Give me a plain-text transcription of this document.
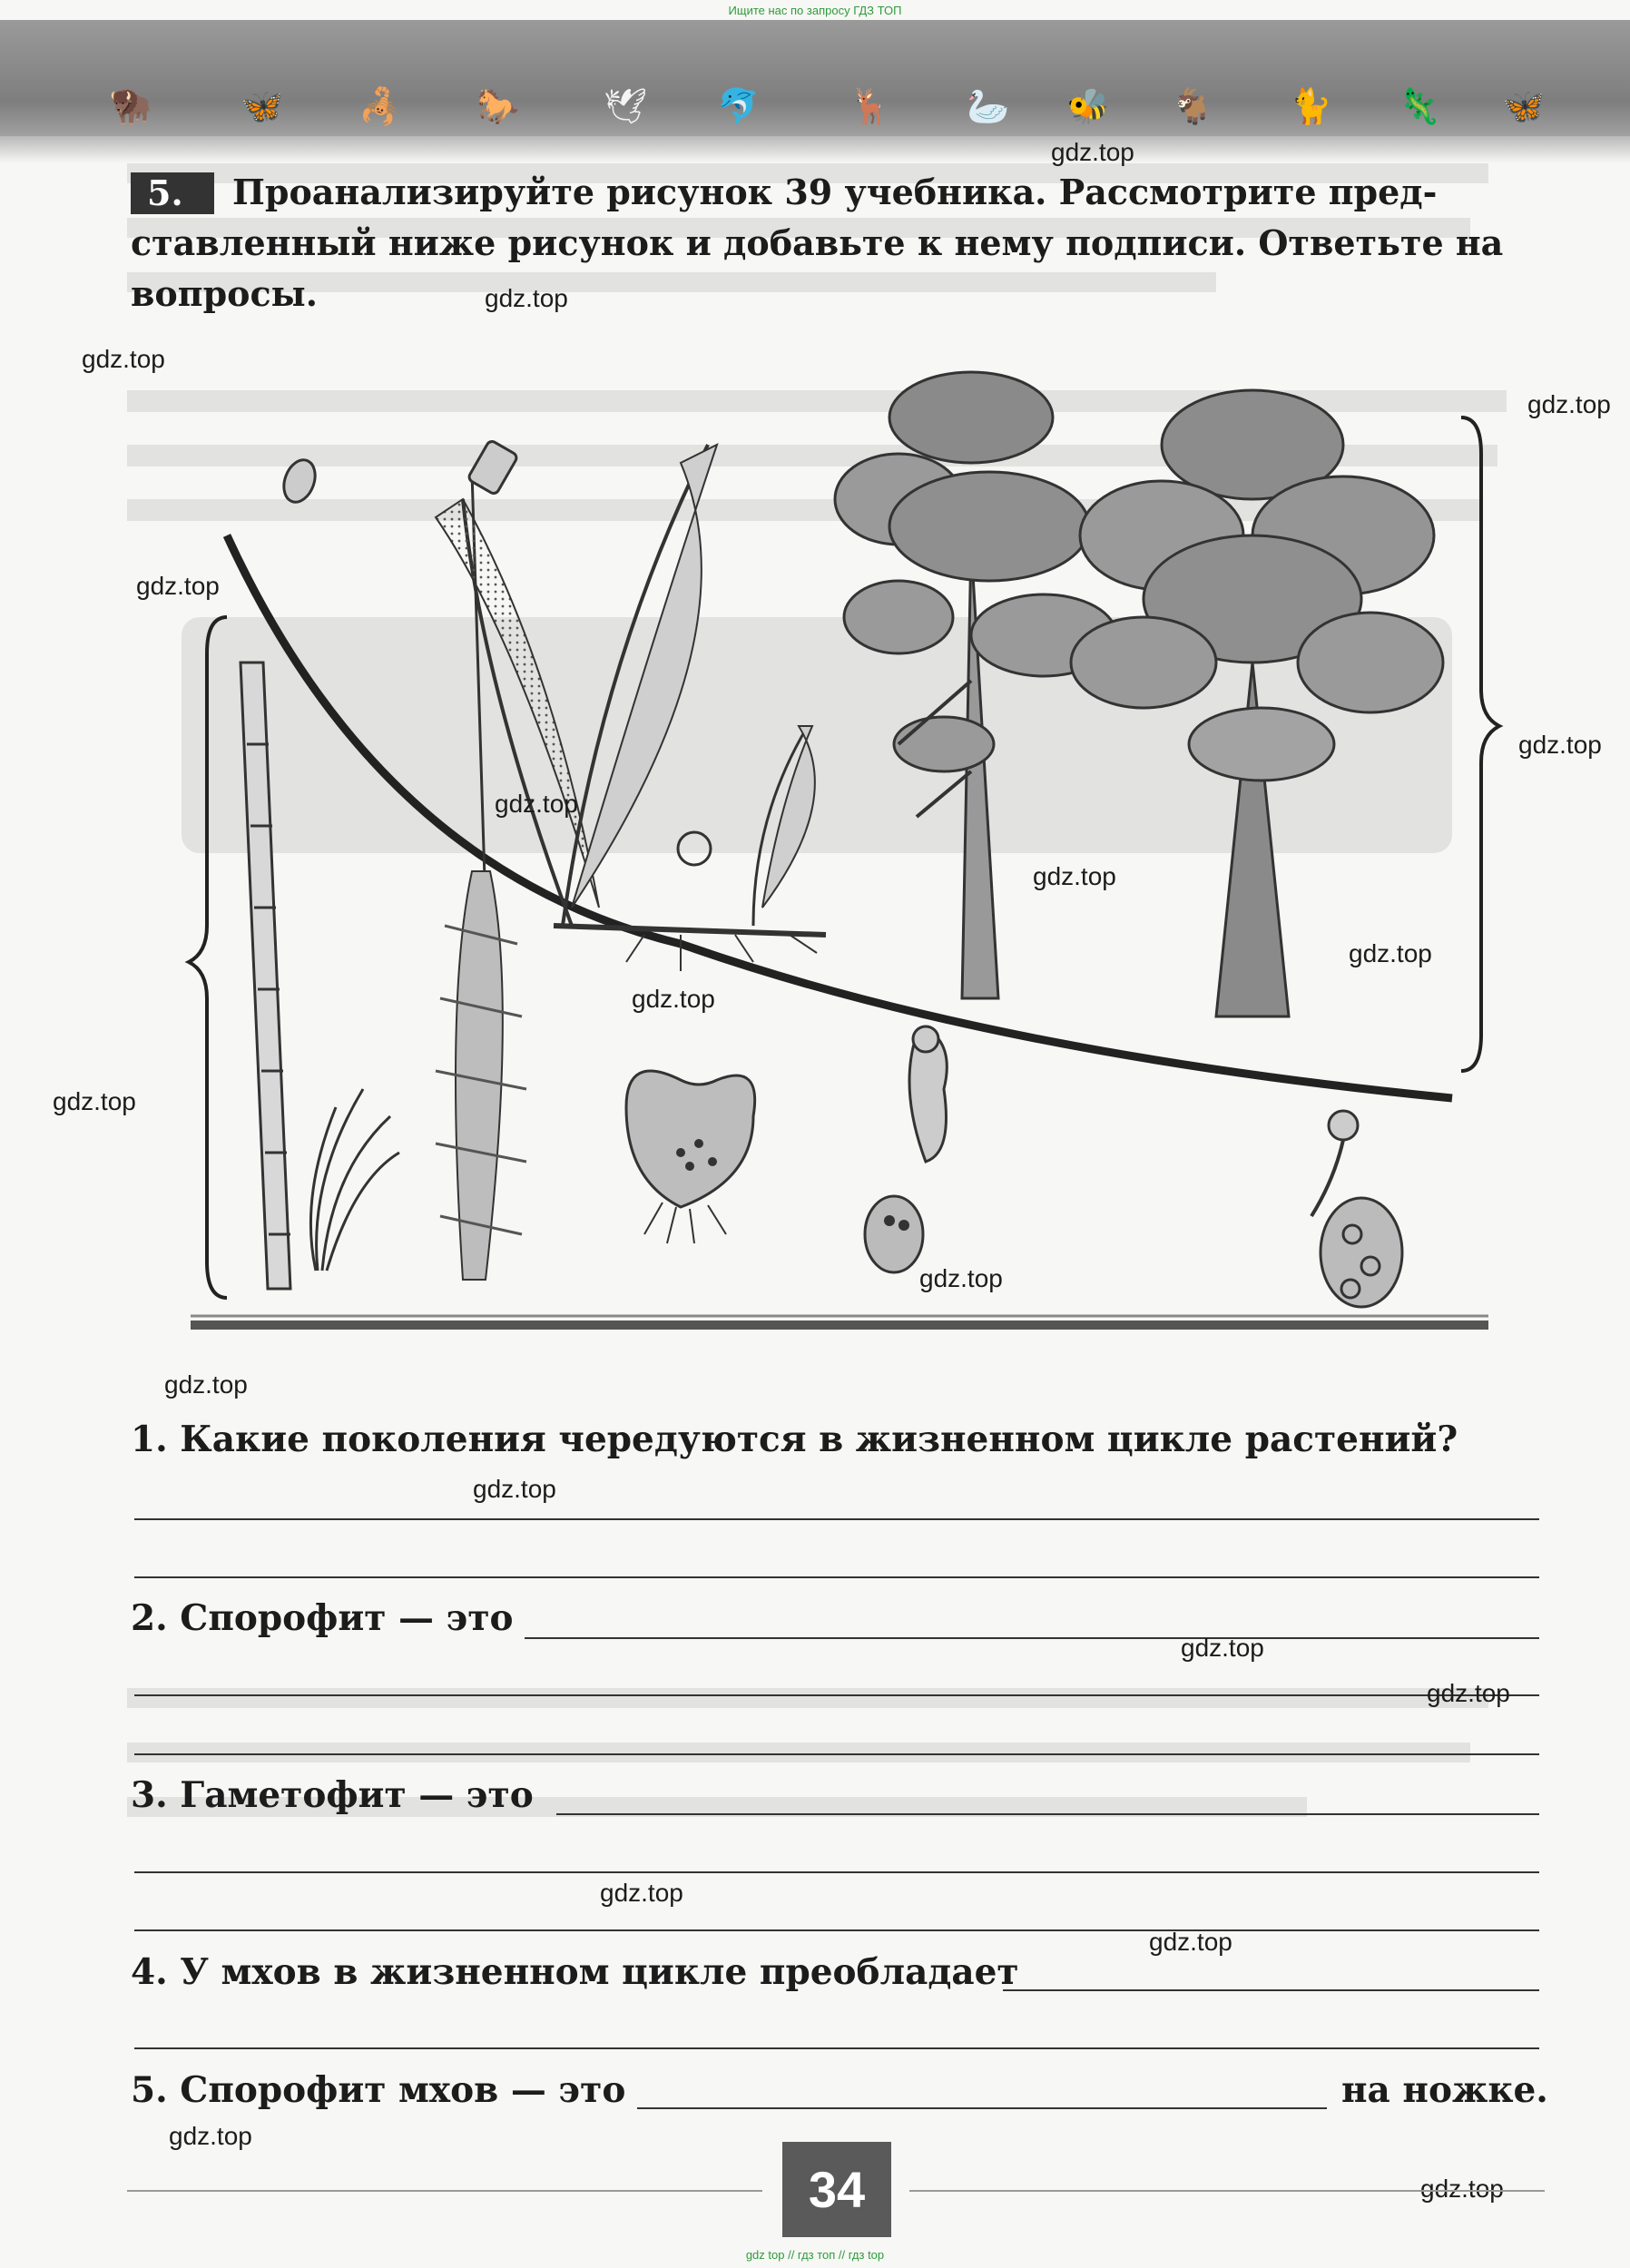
Ищите нас по запросу ГДЗ ТОП
🦬	🦋 🦂 🐎 🕊 🐬	🦌 🦢 🐝 🐐 🐈 🦎 🦋
5.	Проанализируйте рисунок 39 учебника. Рассмотрите пред-
ставленный ниже рисунок и добавьте к нему подписи. Ответьте на
вопросы.
1. Какие поколения чередуются в жизненном цикле растений?
2. Спорофит — это
3. Гаметофит — это
4. У мхов в жизненном цикле преобладает
5. Спорофит мхов — это	на ножке.
gdz.top
gdz.top
gdz.top
gdz.top
gdz.top
gdz.top
gdz.top
gdz.top
gdz.top
gdz.top
gdz.top
gdz.top
gdz.top
gdz.top
gdz.top
gdz.top
gdz.top
gdz.top
gdz.top
gdz.top
34
gdz top // гдз топ // гдз top
